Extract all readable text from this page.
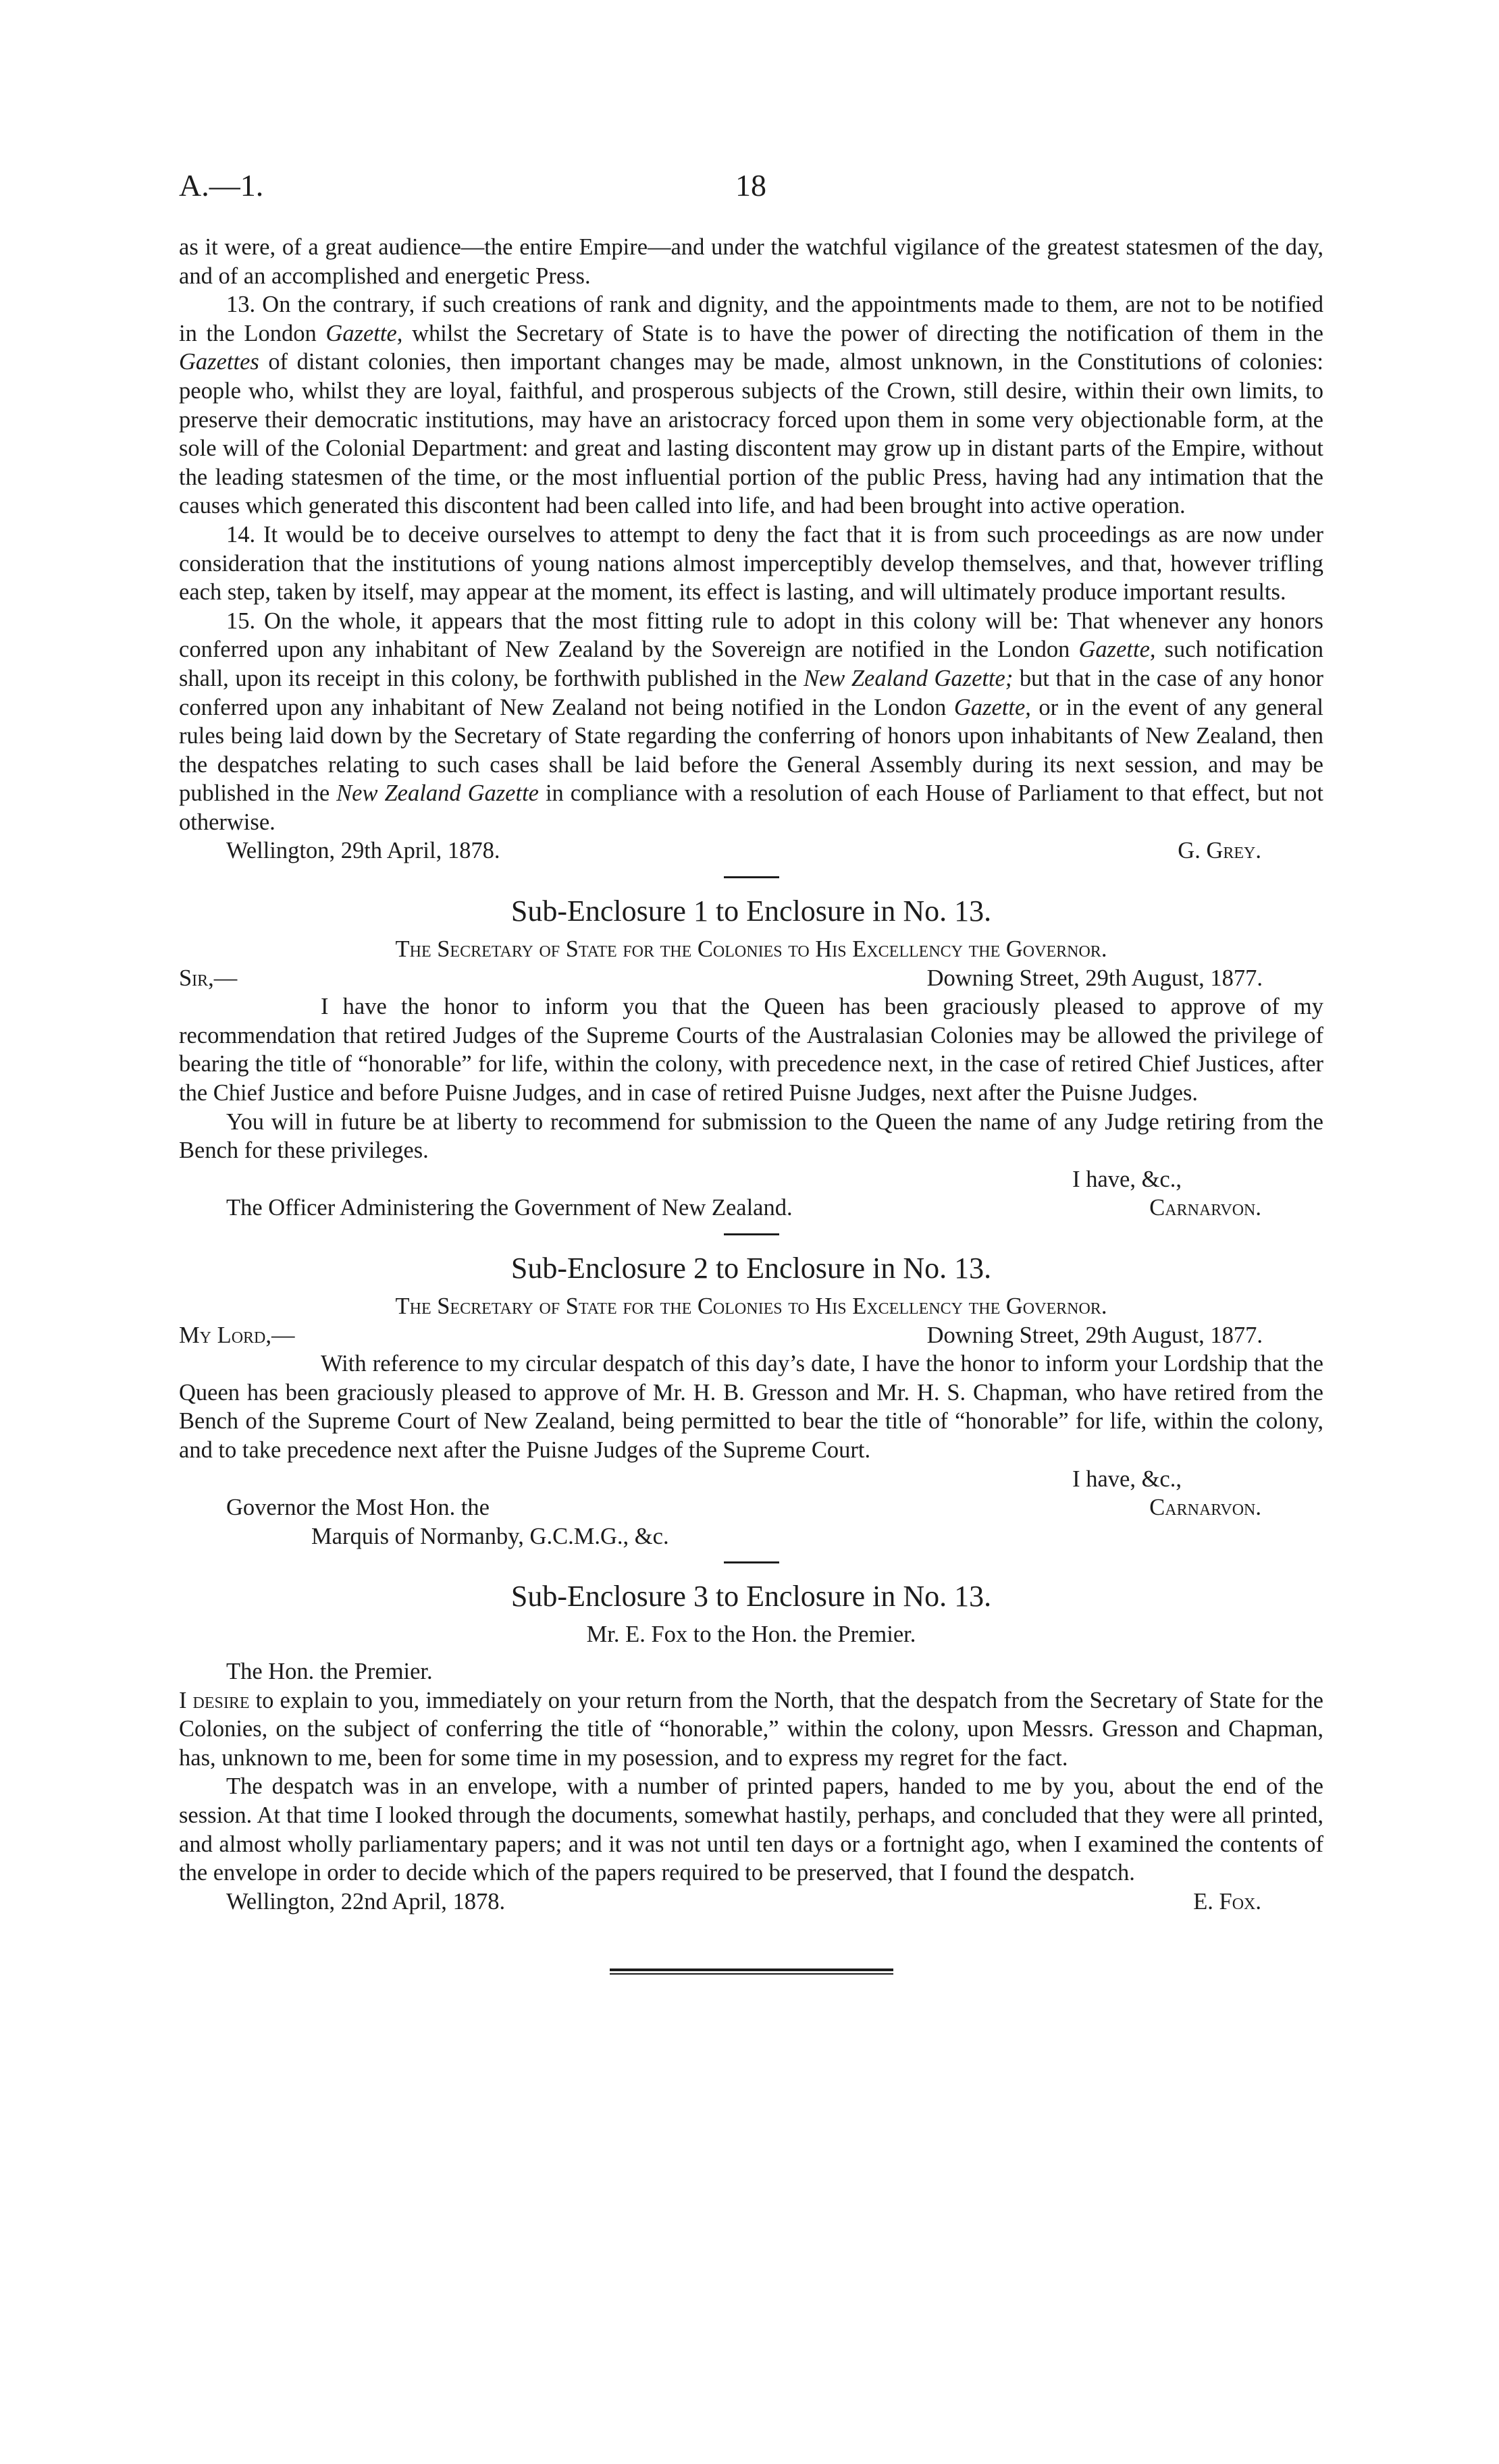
A.—1.	18

as it were, of a great audience—the entire Empire—and under the watchful vigilance of the greatest statesmen of the day, and of an accomplished and energetic Press.

13. On the contrary, if such creations of rank and dignity, and the appointments made to them, are not to be notified in the London Gazette, whilst the Secretary of State is to have the power of directing the notification of them in the Gazettes of distant colonies, then important changes may be made, almost unknown, in the Constitutions of colonies: people who, whilst they are loyal, faithful, and prosperous subjects of the Crown, still desire, within their own limits, to preserve their democratic institutions, may have an aristocracy forced upon them in some very objectionable form, at the sole will of the Colonial Department: and great and lasting discontent may grow up in distant parts of the Empire, without the leading statesmen of the time, or the most influential portion of the public Press, having had any intimation that the causes which generated this discontent had been called into life, and had been brought into active operation.

14. It would be to deceive ourselves to attempt to deny the fact that it is from such proceedings as are now under consideration that the institutions of young nations almost imperceptibly develop themselves, and that, however trifling each step, taken by itself, may appear at the moment, its effect is lasting, and will ultimately produce important results.

15. On the whole, it appears that the most fitting rule to adopt in this colony will be: That whenever any honors conferred upon any inhabitant of New Zealand by the Sovereign are notified in the London Gazette, such notification shall, upon its receipt in this colony, be forthwith published in the New Zealand Gazette; but that in the case of any honor conferred upon any inhabitant of New Zealand not being notified in the London Gazette, or in the event of any general rules being laid down by the Secretary of State regarding the conferring of honors upon inhabitants of New Zealand, then the despatches relating to such cases shall be laid before the General Assembly during its next session, and may be published in the New Zealand Gazette in compliance with a resolution of each House of Parliament to that effect, but not otherwise.

Wellington, 29th April, 1878.	G. Grey.
Sub-Enclosure 1 to Enclosure in No. 13.
The Secretary of State for the Colonies to His Excellency the Governor.
Sir,—	Downing Street, 29th August, 1877.

I have the honor to inform you that the Queen has been graciously pleased to approve of my recommendation that retired Judges of the Supreme Courts of the Australasian Colonies may be allowed the privilege of bearing the title of “honorable” for life, within the colony, with precedence next, in the case of retired Chief Justices, after the Chief Justice and before Puisne Judges, and in case of retired Puisne Judges, next after the Puisne Judges.

You will in future be at liberty to recommend for submission to the Queen the name of any Judge retiring from the Bench for these privileges.

I have, &c.,
The Officer Administering the Government of New Zealand.	Carnarvon.
Sub-Enclosure 2 to Enclosure in No. 13.
The Secretary of State for the Colonies to His Excellency the Governor.
My Lord,—	Downing Street, 29th August, 1877.

With reference to my circular despatch of this day’s date, I have the honor to inform your Lordship that the Queen has been graciously pleased to approve of Mr. H. B. Gresson and Mr. H. S. Chapman, who have retired from the Bench of the Supreme Court of New Zealand, being permitted to bear the title of “honorable” for life, within the colony, and to take precedence next after the Puisne Judges of the Supreme Court.

I have, &c.,
Governor the Most Hon. the	Carnarvon.
Marquis of Normanby, G.C.M.G., &c.
Sub-Enclosure 3 to Enclosure in No. 13.
Mr. E. Fox to the Hon. the Premier.
The Hon. the Premier.

I desire to explain to you, immediately on your return from the North, that the despatch from the Secretary of State for the Colonies, on the subject of conferring the title of “honorable,” within the colony, upon Messrs. Gresson and Chapman, has, unknown to me, been for some time in my posession, and to express my regret for the fact.

The despatch was in an envelope, with a number of printed papers, handed to me by you, about the end of the session. At that time I looked through the documents, somewhat hastily, perhaps, and concluded that they were all printed, and almost wholly parliamentary papers; and it was not until ten days or a fortnight ago, when I examined the contents of the envelope in order to decide which of the papers required to be preserved, that I found the despatch.

Wellington, 22nd April, 1878.	E. Fox.
